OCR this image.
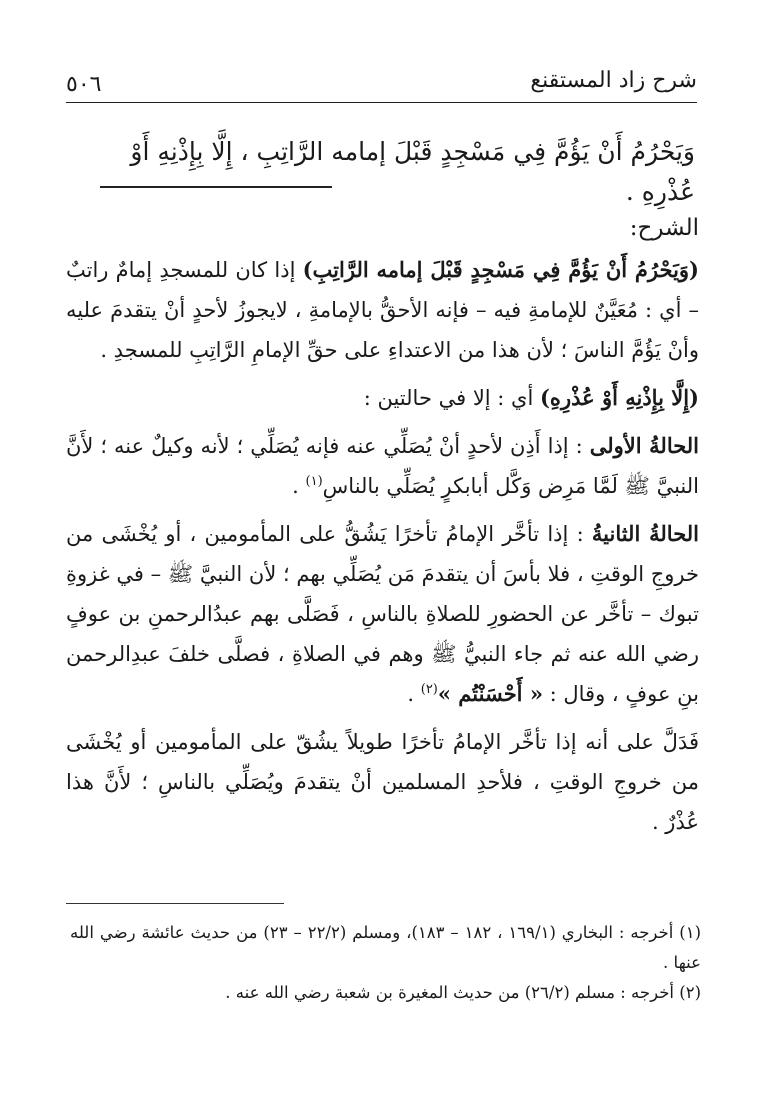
شرح زاد المستقنع
٥٠٦
وَيَحْرُمُ أَنْ يَؤُمَّ فِي مَسْجِدٍ قَبْلَ إمامه الرَّاتِبِ ، إِلَّا بِإِذْنِهِ أَوْ عُذْرِهِ .

الشرح:

(وَيَحْرُمُ أَنْ يَؤُمَّ فِي مَسْجِدٍ قَبْلَ إمامه الرَّاتِبِ) إذا كان للمسجدِ إمامٌ راتبٌ – أي : مُعَيَّنٌ للإمامةِ فيه – فإنه الأحقُّ بالإمامةِ ، لايجوزُ لأحدٍ أنْ يتقدمَ عليه وأنْ يَؤُمَّ الناسَ ؛ لأن هذا من الاعتداءِ على حقِّ الإمامِ الرَّاتِبِ للمسجدِ .

(إِلَّا بِإِذْنِهِ أَوْ عُذْرِهِ) أي : إلا في حالتين :

الحالةُ الأولى : إذا أَذِن لأحدٍ أنْ يُصَلِّي عنه فإنه يُصَلِّي ؛ لأنه وكيلٌ عنه ؛ لأَنَّ النبيَّ ﷺ لَمَّا مَرِض وَكَّل أبابكرٍ يُصَلِّي بالناسِ$^{(١)}$ .

الحالةُ الثانيةُ : إذا تأخَّر الإمامُ تأخرًا يَشُقُّ على المأمومين ، أو يُخْشَى من خروجِ الوقتِ ، فلا بأسَ أن يتقدمَ مَن يُصَلِّي بهم ؛ لأن النبيَّ ﷺ – في غزوةِ تبوك – تأخَّر عن الحضورِ للصلاةِ بالناسِ ، فَصَلَّى بهم عبدُالرحمنِ بن عوفٍ رضي الله عنه ثم جاء النبيُّ ﷺ وهم في الصلاةِ ، فصلَّى خلفَ عبدِالرحمن بنِ عوفٍ ، وقال : « أَحْسَنْتُم »$^{(٢)}$ .

فَدَلَّ على أنه إذا تأخَّر الإمامُ تأخرًا طويلاً يشُقّ على المأمومين أو يُخْشَى من خروجِ الوقتِ ، فلأحدِ المسلمين أنْ يتقدمَ ويُصَلِّي بالناسِ ؛ لأَنَّ هذا عُذْرٌ .

(١) أخرجه : البخاري (١٦٩/١ ، ١٨٢ – ١٨٣)، ومسلم (٢٢/٢ – ٢٣) من حديث عائشة رضي الله عنها .

(٢) أخرجه : مسلم (٢٦/٢) من حديث المغيرة بن شعبة رضي الله عنه .
